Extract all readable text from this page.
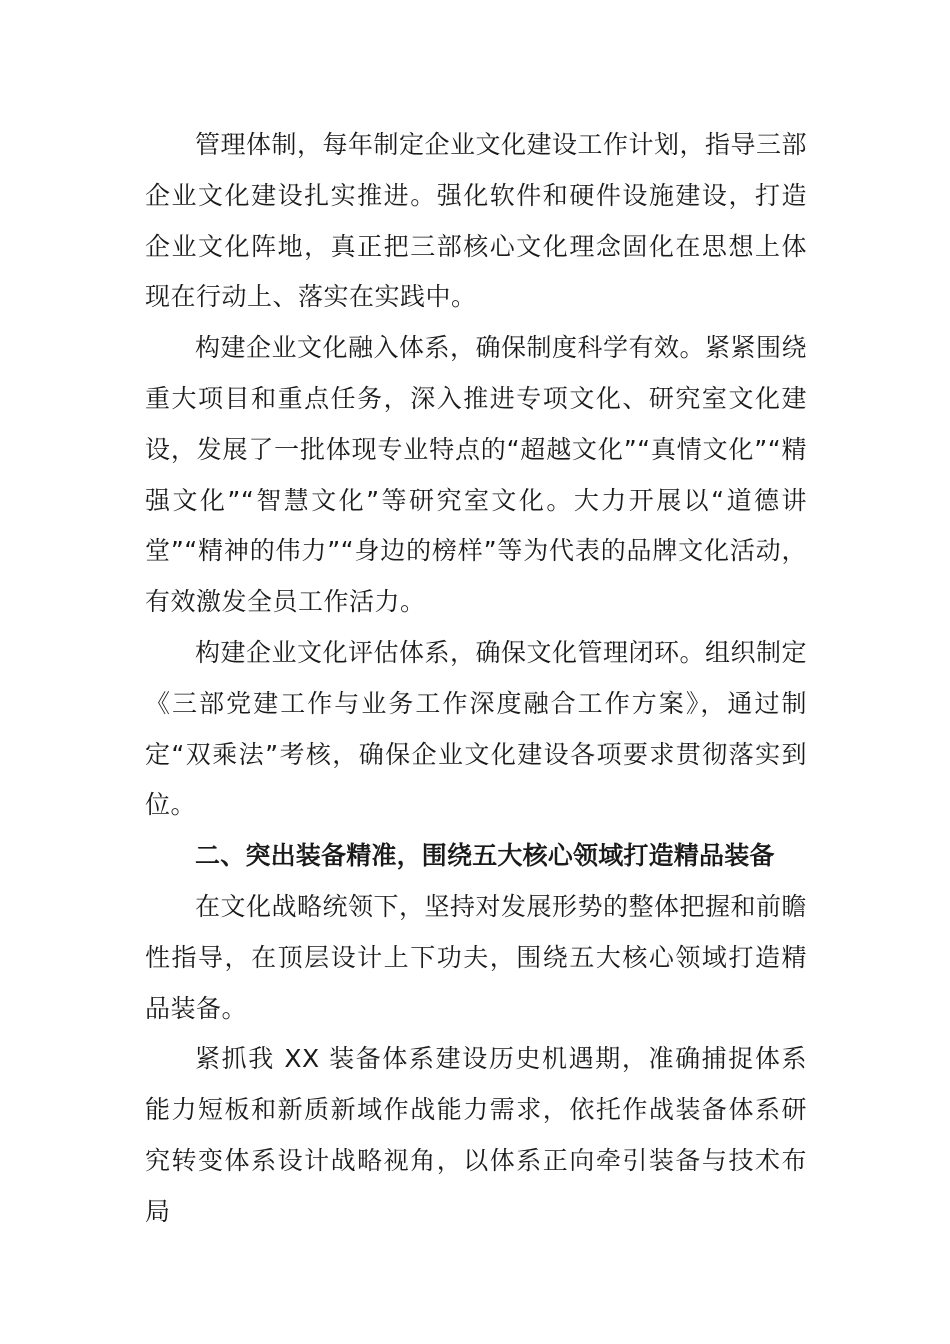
管理体制，每年制定企业文化建设工作计划，指导三部企业文化建设扎实推进。强化软件和硬件设施建设，打造企业文化阵地，真正把三部核心文化理念固化在思想上体现在行动上、落实在实践中。

构建企业文化融入体系，确保制度科学有效。紧紧围绕重大项目和重点任务，深入推进专项文化、研究室文化建设，发展了一批体现专业特点的“超越文化”“真情文化”“精强文化”“智慧文化”等研究室文化。大力开展以“道德讲堂”“精神的伟力”“身边的榜样”等为代表的品牌文化活动，有效激发全员工作活力。

构建企业文化评估体系，确保文化管理闭环。组织制定《三部党建工作与业务工作深度融合工作方案》，通过制定“双乘法”考核，确保企业文化建设各项要求贯彻落实到位。

二、突出装备精准，围绕五大核心领域打造精品装备

在文化战略统领下，坚持对发展形势的整体把握和前瞻性指导，在顶层设计上下功夫，围绕五大核心领域打造精品装备。

紧抓我 XX 装备体系建设历史机遇期，准确捕捉体系能力短板和新质新域作战能力需求，依托作战装备体系研究转变体系设计战略视角，以体系正向牵引装备与技术布局
